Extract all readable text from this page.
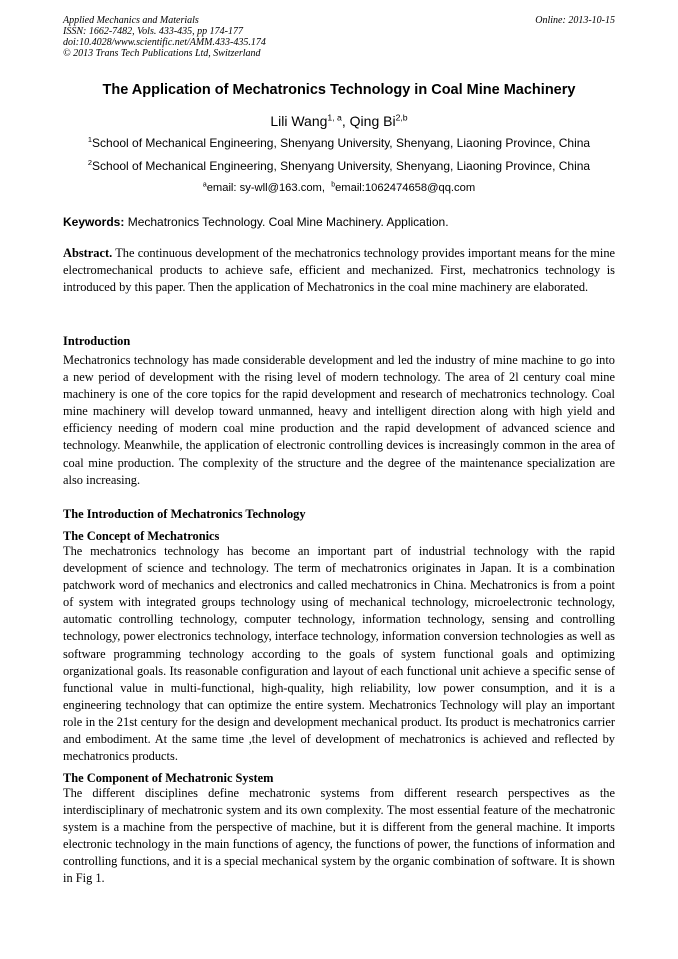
Applied Mechanics and Materials
ISSN: 1662-7482, Vols. 433-435, pp 174-177
doi:10.4028/www.scientific.net/AMM.433-435.174
© 2013 Trans Tech Publications Ltd, Switzerland
Online: 2013-10-15
The Application of Mechatronics Technology in Coal Mine Machinery
Lili Wang$^{1, a}$, Qing Bi$^{2,b}$
$^1$School of Mechanical Engineering, Shenyang University, Shenyang, Liaoning Province, China
$^2$School of Mechanical Engineering, Shenyang University, Shenyang, Liaoning Province, China
$^a$email: sy-wll@163.com, $^b$email:1062474658@qq.com
Keywords: Mechatronics Technology. Coal Mine Machinery. Application.
Abstract. The continuous development of the mechatronics technology provides important means for the mine electromechanical products to achieve safe, efficient and mechanized. First, mechatronics technology is introduced by this paper. Then the application of Mechatronics in the coal mine machinery are elaborated.
Introduction
Mechatronics technology has made considerable development and led the industry of mine machine to go into a new period of development with the rising level of modern technology. The area of 2l century coal mine machinery is one of the core topics for the rapid development and research of mechatronics technology. Coal mine machinery will develop toward unmanned, heavy and intelligent direction along with high yield and efficiency needing of modern coal mine production and the rapid development of advanced science and technology. Meanwhile, the application of electronic controlling devices is increasingly common in the area of coal mine production. The complexity of the structure and the degree of the maintenance specialization are also increasing.
The Introduction of Mechatronics Technology
The Concept of Mechatronics
The mechatronics technology has become an important part of industrial technology with the rapid development of science and technology. The term of mechatronics originates in Japan. It is a combination patchwork word of mechanics and electronics and called mechatronics in China. Mechatronics is from a point of system with integrated groups technology using of mechanical technology, microelectronic technology, automatic controlling technology, computer technology, information technology, sensing and controlling technology, power electronics technology, interface technology, information conversion technologies as well as software programming technology according to the goals of system functional goals and optimizing organizational goals. Its reasonable configuration and layout of each functional unit achieve a specific sense of functional value in multi-functional, high-quality, high reliability, low power consumption, and it is a engineering technology that can optimize the entire system. Mechatronics Technology will play an important role in the 21st century for the design and development mechanical product. Its product is mechatronics carrier and embodiment. At the same time ,the level of development of mechatronics is achieved and reflected by mechatronics products.
The Component of Mechatronic System
The different disciplines define mechatronic systems from different research perspectives as the interdisciplinary of mechatronic system and its own complexity. The most essential feature of the mechatronic system is a machine from the perspective of machine, but it is different from the general machine. It imports electronic technology in the main functions of agency, the functions of power, the functions of information and controlling functions, and it is a special mechanical system by the organic combination of software. It is shown in Fig 1.
